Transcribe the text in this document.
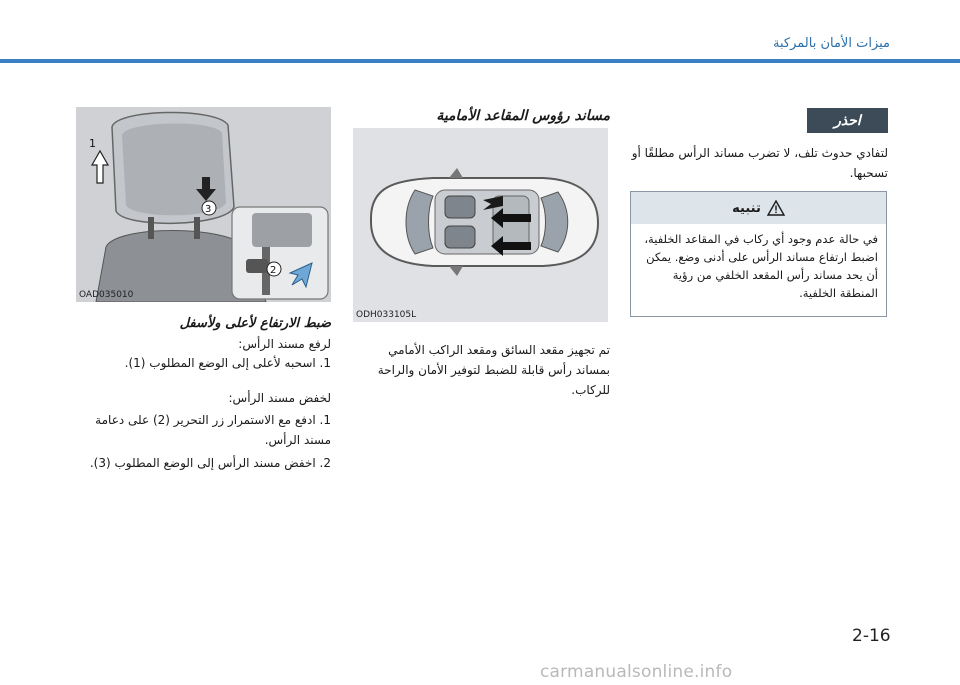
ميزات الأمان بالمركبة
احذر
لتفادي حدوث تلف، لا تضرب مساند الرأس مطلقًا أو تسحبها.
تنبيه
في حالة عدم وجود أي ركاب في المقاعد الخلفية، اضبط ارتفاع مساند الرأس على أدنى وضع. يمكن أن يحد مساند رأس المقعد الخلفي من رؤية المنطقة الخلفية.
مساند رؤوس المقاعد الأمامية
ODH033105L
تم تجهيز مقعد السائق ومقعد الراكب الأمامي بمساند رأس قابلة للضبط لتوفير الأمان والراحة للركاب.
1
3
2
OAD035010
ضبط الارتفاع لأعلى ولأسفل
لرفع مسند الرأس:
1. اسحبه لأعلى إلى الوضع المطلوب (1).
لخفض مسند الرأس:
1. ادفع مع الاستمرار زر التحرير (2) على دعامة مسند الرأس.
2. اخفض مسند الرأس إلى الوضع المطلوب (3).
2-16
carmanualsonline.info
